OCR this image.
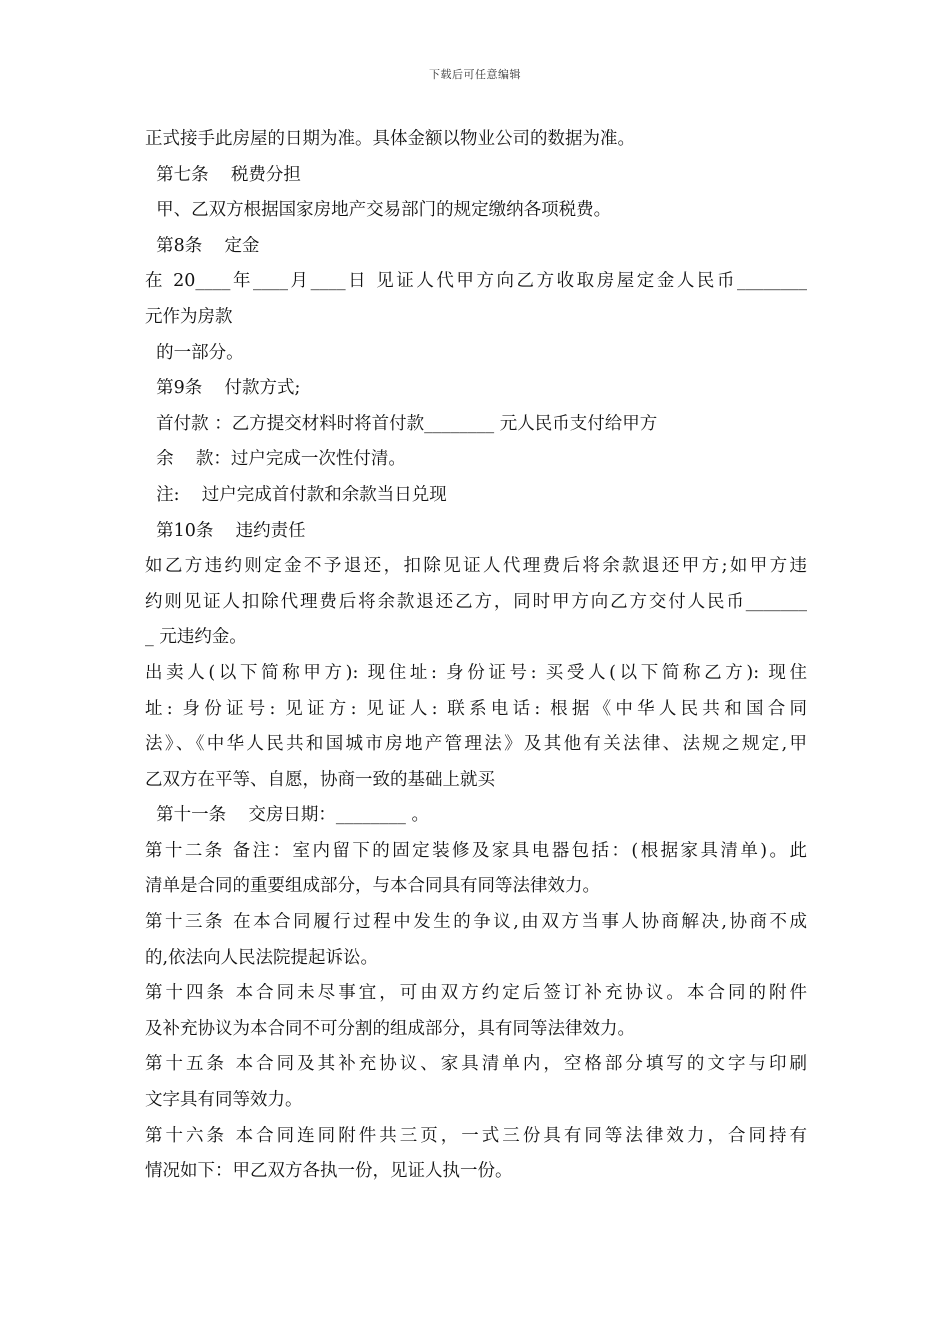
下载后可任意编辑
正式接手此房屋的日期为准。具体金额以物业公司的数据为准。
第七条    税费分担
甲、乙双方根据国家房地产交易部门的规定缴纳各项税费。
第8条    定金
在 20____年____月____日 见证人代甲方向乙方收取房屋定金人民币________
元作为房款
的一部分。
第9条    付款方式;
首付款 ：乙方提交材料时将首付款________ 元人民币支付给甲方
余    款：过户完成一次性付清。
注:    过户完成首付款和余款当日兑现
第10条    违约责任
如乙方违约则定金不予退还，扣除见证人代理费后将余款退还甲方;如甲方违
约则见证人扣除代理费后将余款退还乙方，同时甲方向乙方交付人民币_______
_ 元违约金。
出卖人(以下简称甲方): 现住址: 身份证号: 买受人(以下简称乙方): 现住
址: 身份证号: 见证方: 见证人: 联系电话: 根据《中华人民共和国合同
法》、《中华人民共和国城市房地产管理法》及其他有关法律、法规之规定,甲
乙双方在平等、自愿，协商一致的基础上就买
第十一条    交房日期：________ 。
第十二条 备注：室内留下的固定装修及家具电器包括：(根据家具清单)。此
清单是合同的重要组成部分，与本合同具有同等法律效力。
第十三条 在本合同履行过程中发生的争议,由双方当事人协商解决,协商不成
的,依法向人民法院提起诉讼。
第十四条 本合同未尽事宜，可由双方约定后签订补充协议。本合同的附件
及补充协议为本合同不可分割的组成部分，具有同等法律效力。
第十五条 本合同及其补充协议、家具清单内，空格部分填写的文字与印刷
文字具有同等效力。
第十六条 本合同连同附件共三页，一式三份具有同等法律效力，合同持有
情况如下：甲乙双方各执一份，见证人执一份。
